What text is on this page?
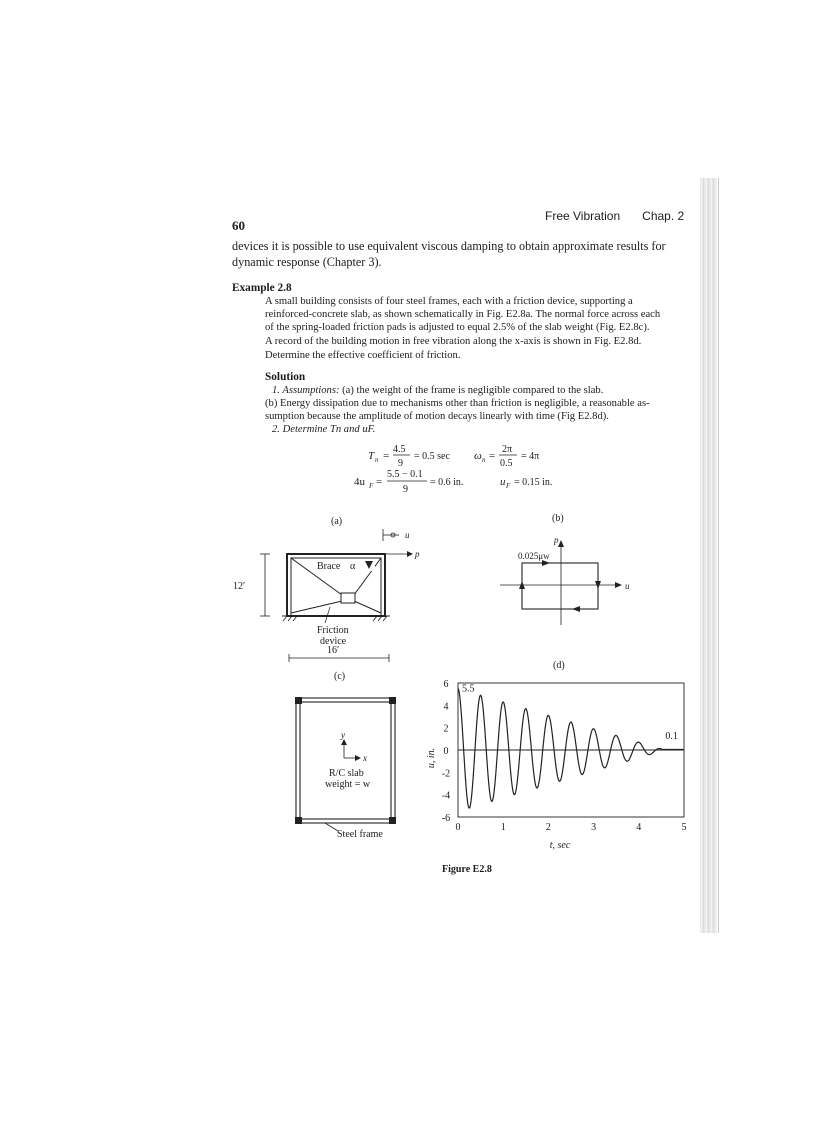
60
Free Vibration Chap. 2
devices it is possible to use equivalent viscous damping to obtain approximate results for
dynamic response (Chapter 3).
Example 2.8
A small building consists of four steel frames, each with a friction device, supporting a
reinforced-concrete slab, as shown schematically in Fig. E2.8a. The normal force across each
of the spring-loaded friction pads is adjusted to equal 2.5% of the slab weight (Fig. E2.8c).
A record of the building motion in free vibration along the x-axis is shown in Fig. E2.8d.
Determine the effective coefficient of friction.
Solution
1. Assumptions: (a) the weight of the frame is negligible compared to the slab.
(b) Energy dissipation due to mechanisms other than friction is negligible, a reasonable as-
sumption because the amplitude of motion decays linearly with time (Fig E2.8d).
2. Determine Tn and uF.
T n =
4.5
9
= 0.5 sec ω n =
2π
0.5
= 4π
4u F =
5.5 − 0.1
9
= 0.6 in.	u F = 0.15 in.
(a)
u
p
Brace α
12′
Friction
device
16′
(b)
p
u
0.025μw
(c)
y
x
R/C slab
weight = w
Steel frame
(d)
6
4
2
0
-2
-4
-6
0	1	2	3	4	5
u, in.
t, sec
5.5
0.1
Figure E2.8
